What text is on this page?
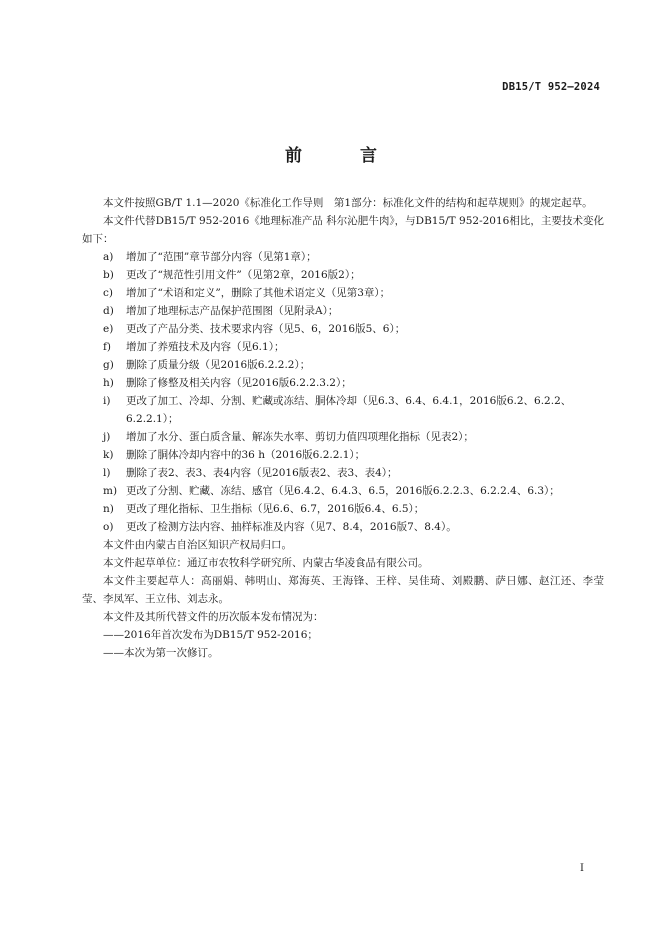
DB15/T 952—2024
前 言

本文件按照GB/T 1.1—2020《标准化工作导则　第1部分：标准化文件的结构和起草规则》的规定起草。

本文件代替DB15/T 952-2016《地理标准产品 科尔沁肥牛肉》，与DB15/T 952-2016相比，主要技术变化如下：

a) 增加了“范围”章节部分内容（见第1章）；
b) 更改了“规范性引用文件”（见第2章，2016版2）；
c) 增加了“术语和定义”，删除了其他术语定义（见第3章）；
d) 增加了地理标志产品保护范围图（见附录A）；
e) 更改了产品分类、技术要求内容（见5、6，2016版5、6）；
f) 增加了养殖技术及内容（见6.1）；
g) 删除了质量分级（见2016版6.2.2.2）；
h) 删除了修整及相关内容（见2016版6.2.2.3.2）；
i) 更改了加工、冷却、分割、贮藏或冻结、胴体冷却（见6.3、6.4、6.4.1，2016版6.2、6.2.2、6.2.2.1）；
j) 增加了水分、蛋白质含量、解冻失水率、剪切力值四项理化指标（见表2）；
k) 删除了胴体冷却内容中的36 h（2016版6.2.2.1）；
l) 删除了表2、表3、表4内容（见2016版表2、表3、表4）；
m) 更改了分割、贮藏、冻结、感官（见6.4.2、6.4.3、6.5，2016版6.2.2.3、6.2.2.4、6.3）；
n) 更改了理化指标、卫生指标（见6.6、6.7，2016版6.4、6.5）；
o) 更改了检测方法内容、抽样标准及内容（见7、8.4，2016版7、8.4）。

本文件由内蒙古自治区知识产权局归口。

本文件起草单位：通辽市农牧科学研究所、内蒙古华凌食品有限公司。

本文件主要起草人：高丽娟、韩明山、郑海英、王海锋、王梓、吴佳琦、刘殿鹏、萨日娜、赵江还、李莹莹、李凤军、王立伟、刘志永。

本文件及其所代替文件的历次版本发布情况为：

——2016年首次发布为DB15/T 952-2016；

——本次为第一次修订。

I
